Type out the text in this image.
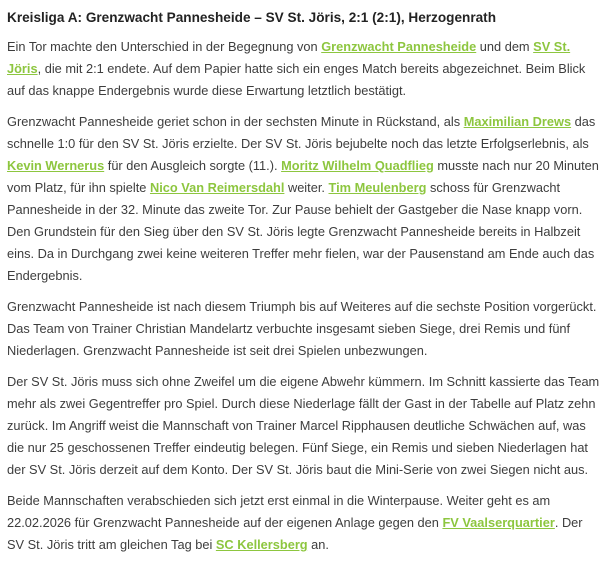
Kreisliga A: Grenzwacht Pannesheide – SV St. Jöris, 2:1 (2:1), Herzogenrath

Ein Tor machte den Unterschied in der Begegnung von Grenzwacht Pannesheide und dem SV St. Jöris, die mit 2:1 endete. Auf dem Papier hatte sich ein enges Match bereits abgezeichnet. Beim Blick auf das knappe Endergebnis wurde diese Erwartung letztlich bestätigt.

Grenzwacht Pannesheide geriet schon in der sechsten Minute in Rückstand, als Maximilian Drews das schnelle 1:0 für den SV St. Jöris erzielte. Der SV St. Jöris bejubelte noch das letzte Erfolgserlebnis, als Kevin Wernerus für den Ausgleich sorgte (11.). Moritz Wilhelm Quadflieg musste nach nur 20 Minuten vom Platz, für ihn spielte Nico Van Reimersdahl weiter. Tim Meulenberg schoss für Grenzwacht Pannesheide in der 32. Minute das zweite Tor. Zur Pause behielt der Gastgeber die Nase knapp vorn. Den Grundstein für den Sieg über den SV St. Jöris legte Grenzwacht Pannesheide bereits in Halbzeit eins. Da in Durchgang zwei keine weiteren Treffer mehr fielen, war der Pausenstand am Ende auch das Endergebnis.

Grenzwacht Pannesheide ist nach diesem Triumph bis auf Weiteres auf die sechste Position vorgerückt. Das Team von Trainer Christian Mandelartz verbuchte insgesamt sieben Siege, drei Remis und fünf Niederlagen. Grenzwacht Pannesheide ist seit drei Spielen unbezwungen.

Der SV St. Jöris muss sich ohne Zweifel um die eigene Abwehr kümmern. Im Schnitt kassierte das Team mehr als zwei Gegentreffer pro Spiel. Durch diese Niederlage fällt der Gast in der Tabelle auf Platz zehn zurück. Im Angriff weist die Mannschaft von Trainer Marcel Ripphausen deutliche Schwächen auf, was die nur 25 geschossenen Treffer eindeutig belegen. Fünf Siege, ein Remis und sieben Niederlagen hat der SV St. Jöris derzeit auf dem Konto. Der SV St. Jöris baut die Mini-Serie von zwei Siegen nicht aus.

Beide Mannschaften verabschieden sich jetzt erst einmal in die Winterpause. Weiter geht es am 22.02.2026 für Grenzwacht Pannesheide auf der eigenen Anlage gegen den FV Vaalserquartier. Der SV St. Jöris tritt am gleichen Tag bei SC Kellersberg an.
